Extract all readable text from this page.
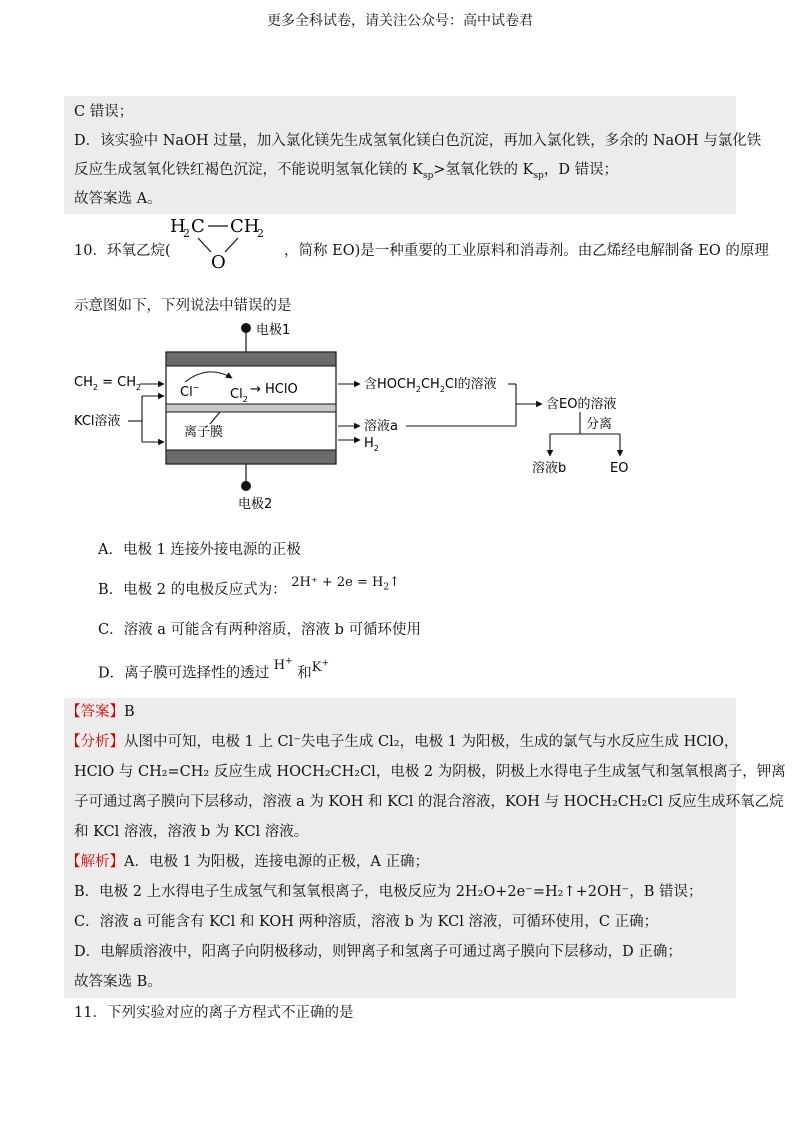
更多全科试卷，请关注公众号：高中试卷君
C 错误；
D．该实验中 NaOH 过量，加入氯化镁先生成氢氧化镁白色沉淀，再加入氯化铁，多余的 NaOH 与氯化铁
反应生成氢氧化铁红褐色沉淀，不能说明氢氧化镁的 $K_{sp}>$氢氧化铁的 $K_{sp}$，D 错误；
故答案选 A。
10．环氧乙烷(
H
2 C CH
2
O
，简称 EO)是一种重要的工业原料和消毒剂。由乙烯经电解制备 EO 的原理
示意图如下，下列说法中错误的是
电极1
电极2
Cl− $Cl_2$
→ HClO
离子膜
$CH_2 = CH_2$
KCl溶液
含$HOCH_2CH_2Cl$的溶液
溶液a
$H_2$
含EO的溶液
分离
溶液b	EO
A．电极 1 连接外接电源的正极
B．电极 2 的电极反应式为： $2H^+ + 2e = H_2↑$
C．溶液 a 可能含有两种溶质，溶液 b 可循环使用
D．离子膜可选择性的透过 H+ 和K+
【答案】B
【分析】从图中可知，电极 1 上 Cl⁻失电子生成 Cl₂，电极 1 为阳极，生成的氯气与水反应生成 HClO，
HClO 与 CH₂=CH₂ 反应生成 HOCH₂CH₂Cl，电极 2 为阴极，阴极上水得电子生成氢气和氢氧根离子，钾离
子可通过离子膜向下层移动，溶液 a 为 KOH 和 KCl 的混合溶液，KOH 与 HOCH₂CH₂Cl 反应生成环氧乙烷
和 KCl 溶液，溶液 b 为 KCl 溶液。
【解析】A．电极 1 为阳极，连接电源的正极，A 正确；
B．电极 2 上水得电子生成氢气和氢氧根离子，电极反应为 2H₂O+2e⁻=H₂↑+2OH⁻，B 错误；
C．溶液 a 可能含有 KCl 和 KOH 两种溶质，溶液 b 为 KCl 溶液，可循环使用，C 正确；
D．电解质溶液中，阳离子向阴极移动，则钾离子和氢离子可通过离子膜向下层移动，D 正确；
故答案选 B。
11．下列实验对应的离子方程式不正确的是
